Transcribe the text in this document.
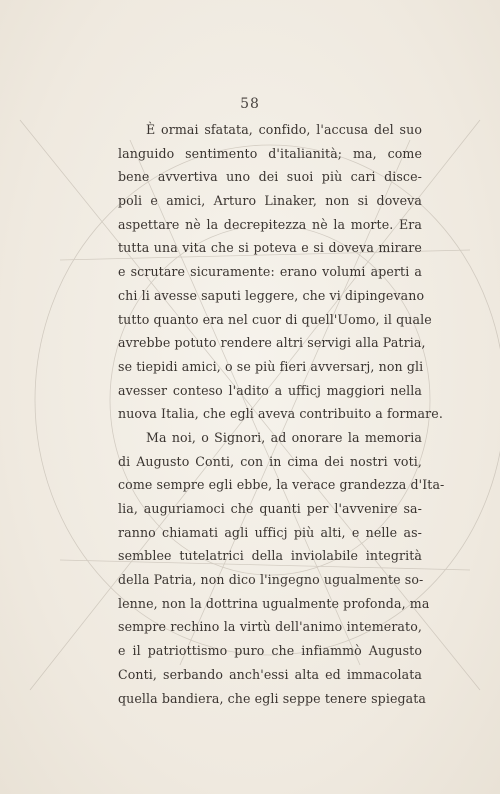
58
È ormai sfatata, confido, l'accusa del suo
languido sentimento d'italianità; ma, come
bene avvertiva uno dei suoi più cari disce-
poli e amici, Arturo Linaker, non si doveva
aspettare nè la decrepitezza nè la morte. Era
tutta una vita che si poteva e si doveva mirare
e scrutare sicuramente: erano volumi aperti a
chi li avesse saputi leggere, che vi dipingevano
tutto quanto era nel cuor di quell'Uomo, il quale
avrebbe potuto rendere altri servigi alla Patria,
se tiepidi amici, o se più fieri avversarj, non gli
avesser conteso l'adito a ufficj maggiori nella
nuova Italia, che egli aveva contribuito a formare.
Ma noi, o Signori, ad onorare la memoria
di Augusto Conti, con in cima dei nostri voti,
come sempre egli ebbe, la verace grandezza d'Ita-
lia, auguriamoci che quanti per l'avvenire sa-
ranno chiamati agli ufficj più alti, e nelle as-
semblee tutelatrici della inviolabile integrità
della Patria, non dico l'ingegno ugualmente so-
lenne, non la dottrina ugualmente profonda, ma
sempre rechino la virtù dell'animo intemerato,
e il patriottismo puro che infiammò Augusto
Conti, serbando anch'essi alta ed immacolata
quella bandiera, che egli seppe tenere spiegata
